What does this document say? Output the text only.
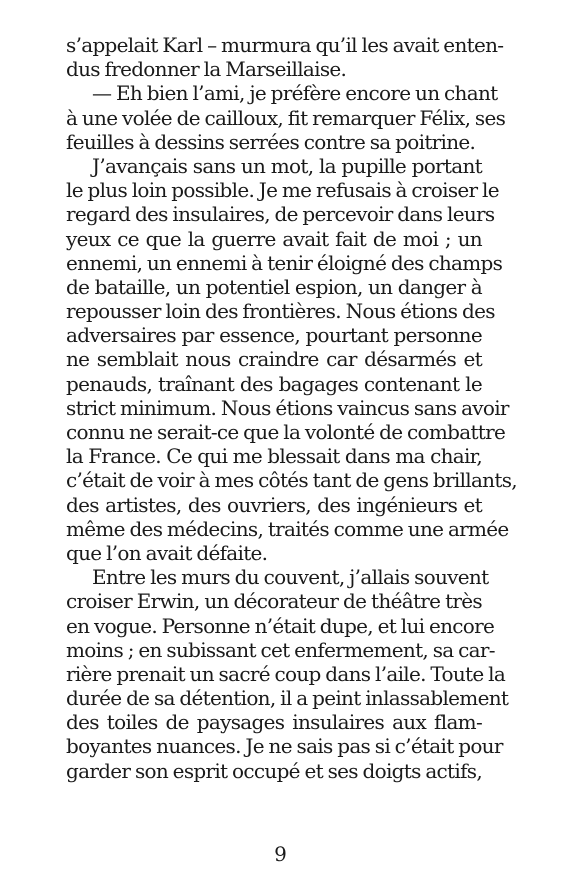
s’appelait Karl – murmura qu’il les avait enten-
dus fredonner la Marseillaise.
— Eh bien l’ami, je préfère encore un chant
à une volée de cailloux, fit remarquer Félix, ses
feuilles à dessins serrées contre sa poitrine.
J’avançais sans un mot, la pupille portant
le plus loin possible. Je me refusais à croiser le
regard des insulaires, de percevoir dans leurs
yeux ce que la guerre avait fait de moi ; un
ennemi, un ennemi à tenir éloigné des champs
de bataille, un potentiel espion, un danger à
repousser loin des frontières. Nous étions des
adversaires par essence, pourtant personne
ne semblait nous craindre car désarmés et
penauds, traînant des bagages contenant le
strict minimum. Nous étions vaincus sans avoir
connu ne serait-ce que la volonté de combattre
la France. Ce qui me blessait dans ma chair,
c’était de voir à mes côtés tant de gens brillants,
des artistes, des ouvriers, des ingénieurs et
même des médecins, traités comme une armée
que l’on avait défaite.
Entre les murs du couvent, j’allais souvent
croiser Erwin, un décorateur de théâtre très
en vogue. Personne n’était dupe, et lui encore
moins ; en subissant cet enfermement, sa car-
rière prenait un sacré coup dans l’aile. Toute la
durée de sa détention, il a peint inlassablement
des toiles de paysages insulaires aux flam-
boyantes nuances. Je ne sais pas si c’était pour
garder son esprit occupé et ses doigts actifs,
9
